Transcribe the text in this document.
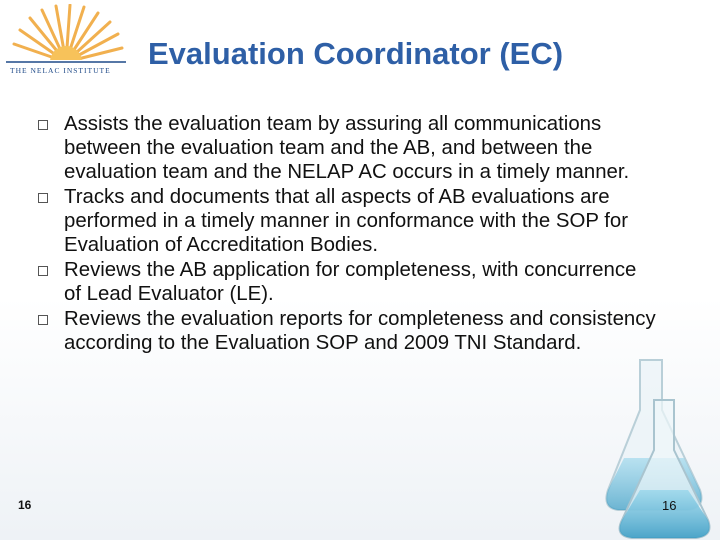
THE NELAC INSTITUTE	Evaluation Coordinator (EC)
Assists the evaluation team by assuring all communications between the evaluation team and the AB, and between the evaluation team and the NELAP AC occurs in a timely manner.
Tracks and documents that all aspects of AB evaluations are performed in a timely manner in conformance with the SOP for Evaluation of Accreditation Bodies.
Reviews the AB application for completeness, with concurrence of Lead Evaluator (LE).
Reviews the evaluation reports for completeness and consistency according to the Evaluation SOP and 2009 TNI Standard.
16	16
